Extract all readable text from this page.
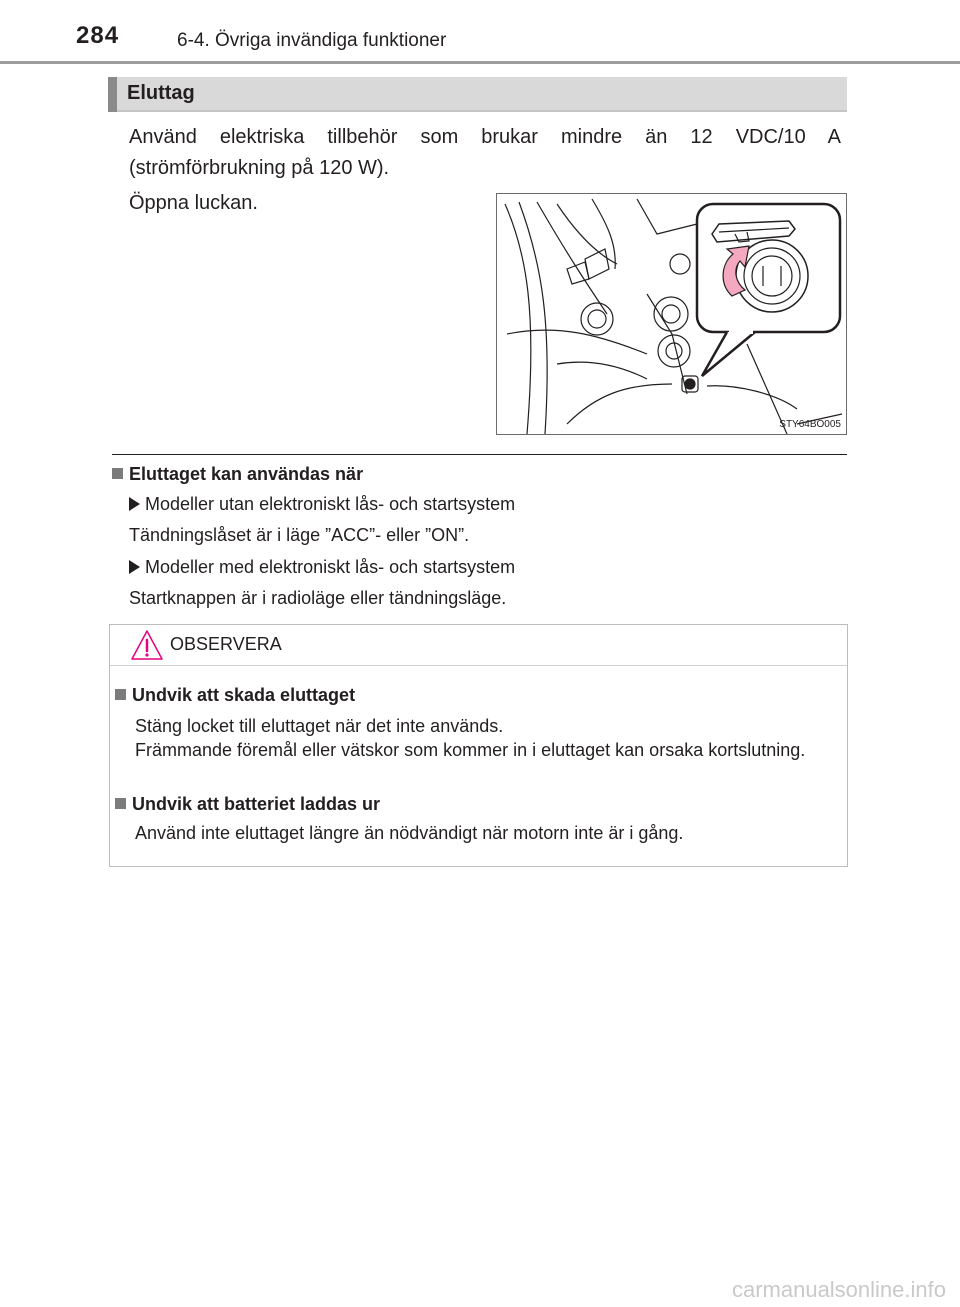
284	6-4. Övriga invändiga funktioner
Eluttag

Använd elektriska tillbehör som brukar mindre än 12 VDC/10 A (strömförbrukning på 120 W).

Öppna luckan.

STY64BO005
Eluttaget kan användas när
Modeller utan elektroniskt lås- och startsystem
Tändningslåset är i läge ”ACC”- eller ”ON”.
Modeller med elektroniskt lås- och startsystem
Startknappen är i radioläge eller tändningsläge.
OBSERVERA
Undvik att skada eluttaget

Stäng locket till eluttaget när det inte används.
Främmande föremål eller vätskor som kommer in i eluttaget kan orsaka kortslutning.

Undvik att batteriet laddas ur

Använd inte eluttaget längre än nödvändigt när motorn inte är i gång.

carmanualsonline.info
